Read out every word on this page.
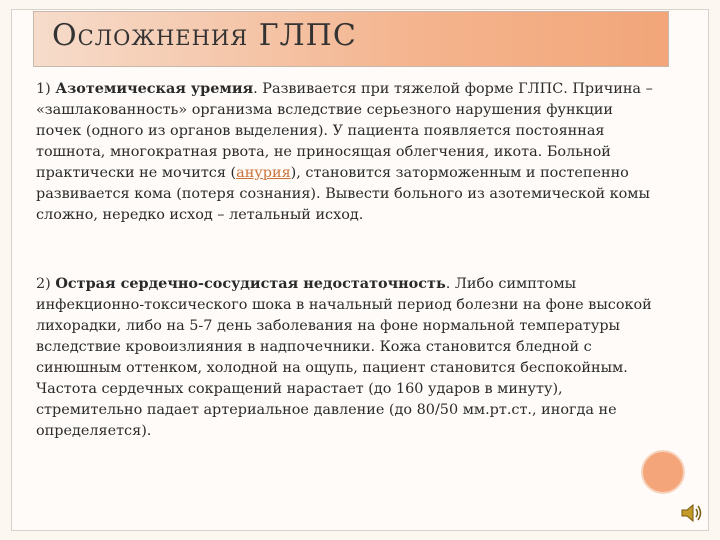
Осложнения ГЛПС

1) Азотемическая уремия. Развивается при тяжелой форме ГЛПС. Причина – «зашлакованность» организма вследствие серьезного нарушения функции почек (одного из органов выделения). У пациента появляется постоянная тошнота, многократная рвота, не приносящая облегчения, икота. Больной практически не мочится (анурия), становится заторможенным и постепенно развивается кома (потеря сознания). Вывести больного из азотемической комы сложно, нередко исход – летальный исход.

2) Острая сердечно-сосудистая недостаточность. Либо симптомы инфекционно-токсического шока в начальный период болезни на фоне высокой лихорадки, либо на 5-7 день заболевания на фоне нормальной температуры вследствие кровоизлияния в надпочечники. Кожа становится бледной с синюшным оттенком, холодной на ощупь, пациент становится беспокойным. Частота сердечных сокращений нарастает (до 160 ударов в минуту), стремительно падает артериальное давление (до 80/50 мм.рт.ст., иногда не определяется).
